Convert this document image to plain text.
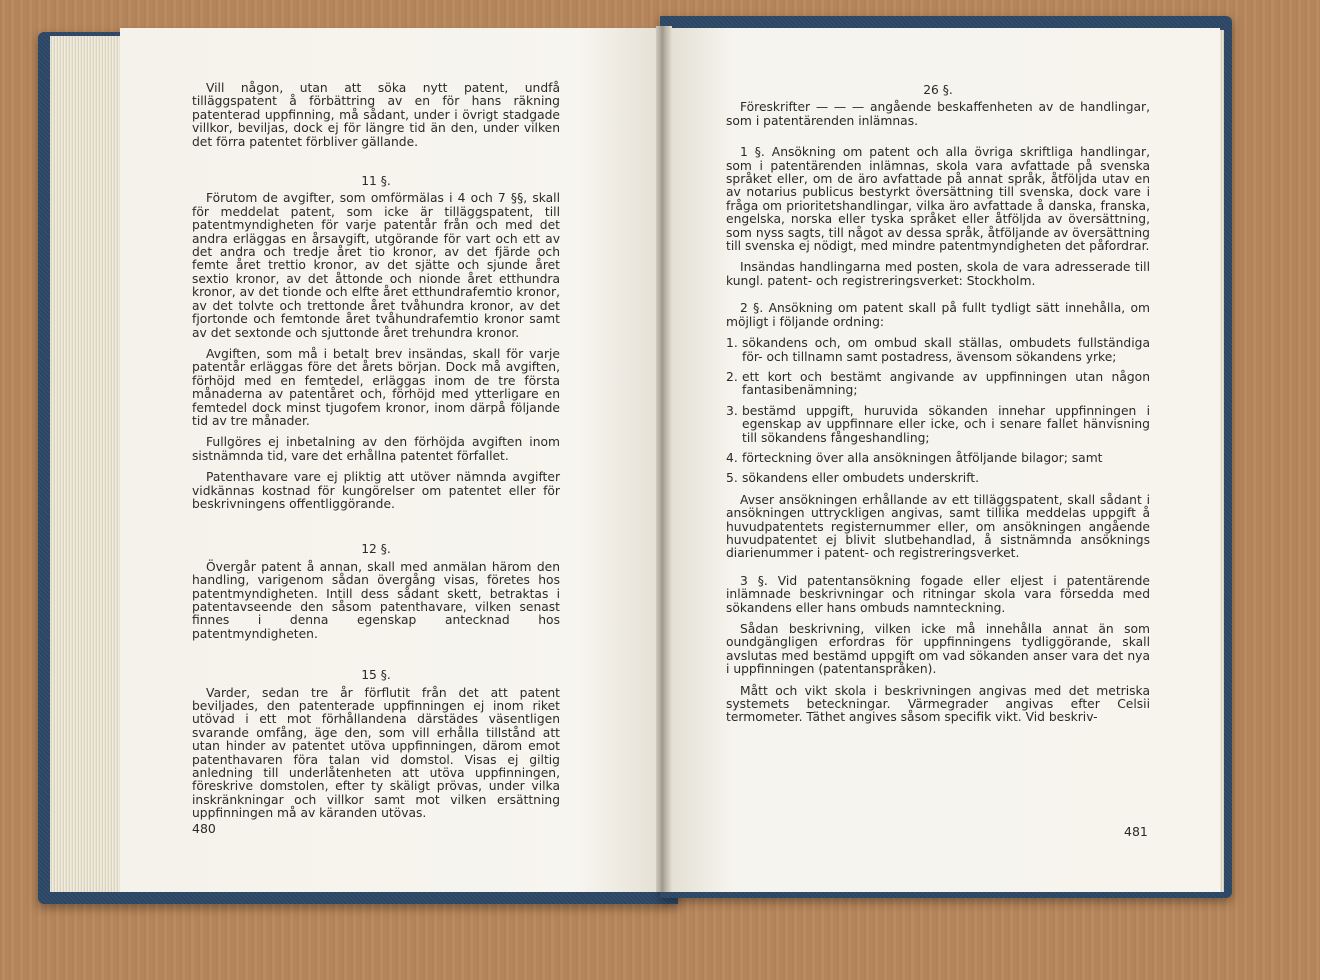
Vill någon, utan att söka nytt patent, undfå tilläggspatent å förbättring av en för hans räkning patenterad uppfinning, må sådant, under i övrigt stadgade villkor, beviljas, dock ej för längre tid än den, under vilken det förra patentet förbliver gällande.

11 §.

Förutom de avgifter, som omförmälas i 4 och 7 §§, skall för meddelat patent, som icke är tilläggspatent, till patentmyndigheten för varje patentår från och med det andra erläggas en årsavgift, utgörande för vart och ett av det andra och tredje året tio kronor, av det fjärde och femte året trettio kronor, av det sjätte och sjunde året sextio kronor, av det åttonde och nionde året etthundra kronor, av det tionde och elfte året etthundrafemtio kronor, av det tolvte och trettonde året tvåhundra kronor, av det fjortonde och femtonde året tvåhundrafemtio kronor samt av det sextonde och sjuttonde året trehundra kronor.

Avgiften, som må i betalt brev insändas, skall för varje patentår erläggas före det årets början. Dock må avgiften, förhöjd med en femtedel, erläggas inom de tre första månaderna av patentåret och, förhöjd med ytterligare en femtedel dock minst tjugofem kronor, inom därpå följande tid av tre månader.

Fullgöres ej inbetalning av den förhöjda avgiften inom sistnämnda tid, vare det erhållna patentet förfallet.

Patenthavare vare ej pliktig att utöver nämnda avgifter vidkännas kostnad för kungörelser om patentet eller för beskrivningens offentliggörande.

12 §.

Övergår patent å annan, skall med anmälan härom den handling, varigenom sådan övergång visas, företes hos patentmyndigheten. Intill dess sådant skett, betraktas i patentavseende den såsom patenthavare, vilken senast finnes i denna egenskap antecknad hos patentmyndigheten.

15 §.

Varder, sedan tre år förflutit från det att patent beviljades, den patenterade uppfinningen ej inom riket utövad i ett mot förhållandena därstädes väsentligen svarande omfång, äge den, som vill erhålla tillstånd att utan hinder av patentet utöva uppfinningen, därom emot patenthavaren föra talan vid domstol. Visas ej giltig anledning till underlåtenheten att utöva uppfinningen, föreskrive domstolen, efter ty skäligt prövas, under vilka inskränkningar och villkor samt mot vilken ersättning uppfinningen må av käranden utövas.

480

26 §.

Föreskrifter — — — angående beskaffenheten av de handlingar, som i patentärenden inlämnas.

1 §. Ansökning om patent och alla övriga skriftliga handlingar, som i patentärenden inlämnas, skola vara avfattade på svenska språket eller, om de äro avfattade på annat språk, åtföljda utav en av notarius publicus bestyrkt översättning till svenska, dock vare i fråga om prioritetshandlingar, vilka äro avfattade å danska, franska, engelska, norska eller tyska språket eller åtföljda av översättning, som nyss sagts, till något av dessa språk, åtföljande av översättning till svenska ej nödigt, med mindre patentmyndigheten det påfordrar.

Insändas handlingarna med posten, skola de vara adresserade till kungl. patent- och registreringsverket: Stockholm.

2 §. Ansökning om patent skall på fullt tydligt sätt innehålla, om möjligt i följande ordning:

1. sökandens och, om ombud skall ställas, ombudets fullständiga för- och tillnamn samt postadress, ävensom sökandens yrke;
2. ett kort och bestämt angivande av uppfinningen utan någon fantasibenämning;
3. bestämd uppgift, huruvida sökanden innehar uppfinningen i egenskap av uppfinnare eller icke, och i senare fallet hänvisning till sökandens fångeshandling;
4. förteckning över alla ansökningen åtföljande bilagor; samt
5. sökandens eller ombudets underskrift.

Avser ansökningen erhållande av ett tilläggspatent, skall sådant i ansökningen uttryckligen angivas, samt tillika meddelas uppgift å huvudpatentets registernummer eller, om ansökningen angående huvudpatentet ej blivit slutbehandlad, å sistnämnda ansöknings diarienummer i patent- och registreringsverket.

3 §. Vid patentansökning fogade eller eljest i patentärende inlämnade beskrivningar och ritningar skola vara försedda med sökandens eller hans ombuds namnteckning.

Sådan beskrivning, vilken icke må innehålla annat än som oundgängligen erfordras för uppfinningens tydliggörande, skall avslutas med bestämd uppgift om vad sökanden anser vara det nya i uppfinningen (patentanspråken).

Mått och vikt skola i beskrivningen angivas med det metriska systemets beteckningar. Värmegrader angivas efter Celsii termometer. Täthet angives såsom specifik vikt. Vid beskriv-

481
